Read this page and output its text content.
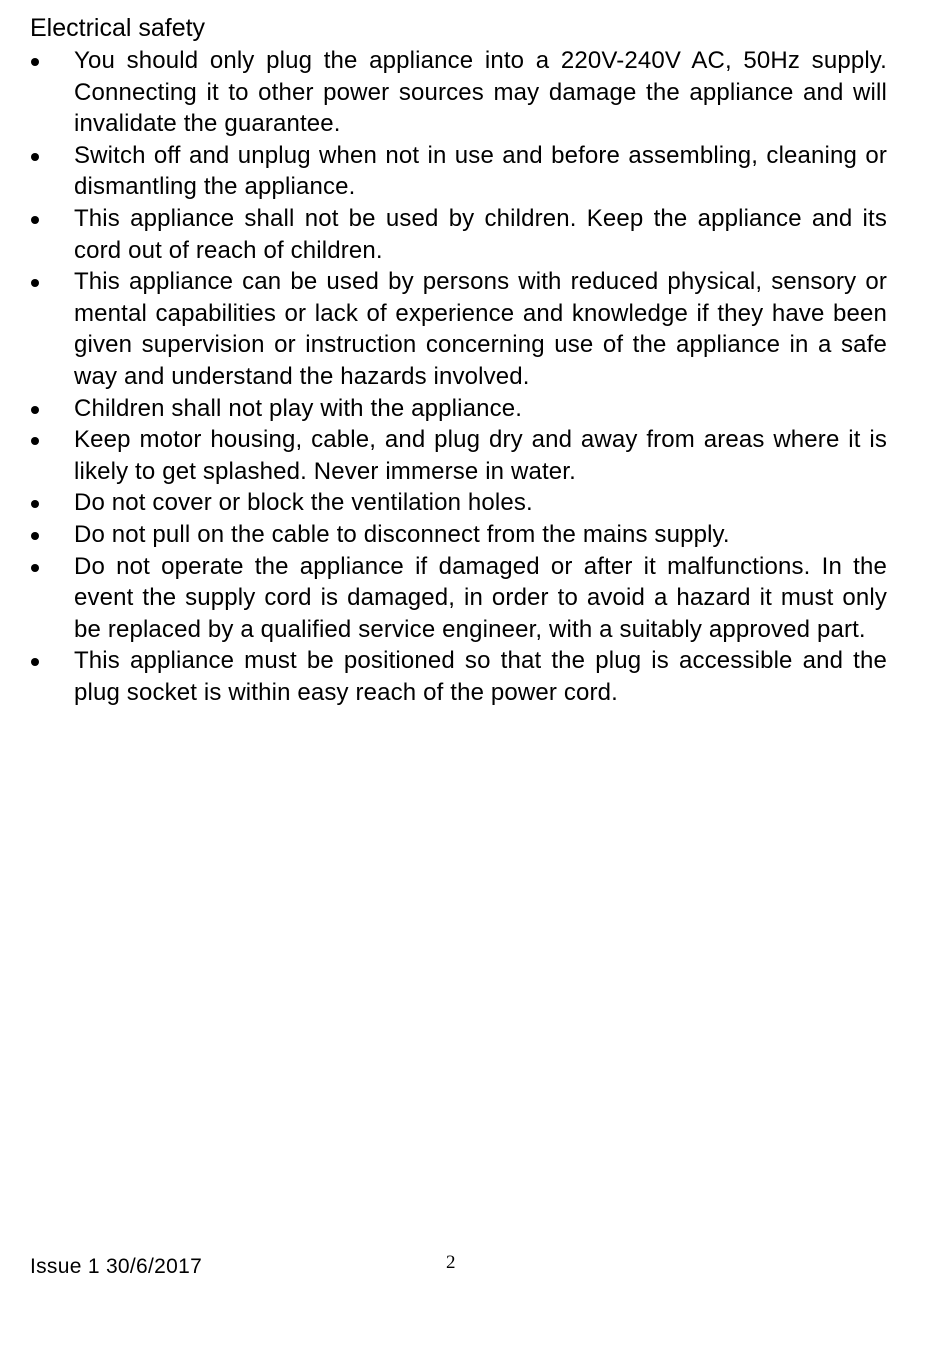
Electrical safety
You should only plug the appliance into a 220V-240V AC, 50Hz supply. Connecting it to other power sources may damage the appliance and will invalidate the guarantee.
Switch off and unplug when not in use and before assembling, cleaning or dismantling the appliance.
This appliance shall not be used by children. Keep the appliance and its cord out of reach of children.
This appliance can be used by persons with reduced physical, sensory or mental capabilities or lack of experience and knowledge if they have been given supervision or instruction concerning use of the appliance in a safe way and understand the hazards involved.
Children shall not play with the appliance.
Keep motor housing, cable, and plug dry and away from areas where it is likely to get splashed. Never immerse in water.
Do not cover or block the ventilation holes.
Do not pull on the cable to disconnect from the mains supply.
Do not operate the appliance if damaged or after it malfunctions. In the event the supply cord is damaged, in order to avoid a hazard it must only be replaced by a qualified service engineer, with a suitably approved part.
This appliance must be positioned so that the plug is accessible and the plug socket is within easy reach of the power cord.
Issue 1 30/6/2017	2
